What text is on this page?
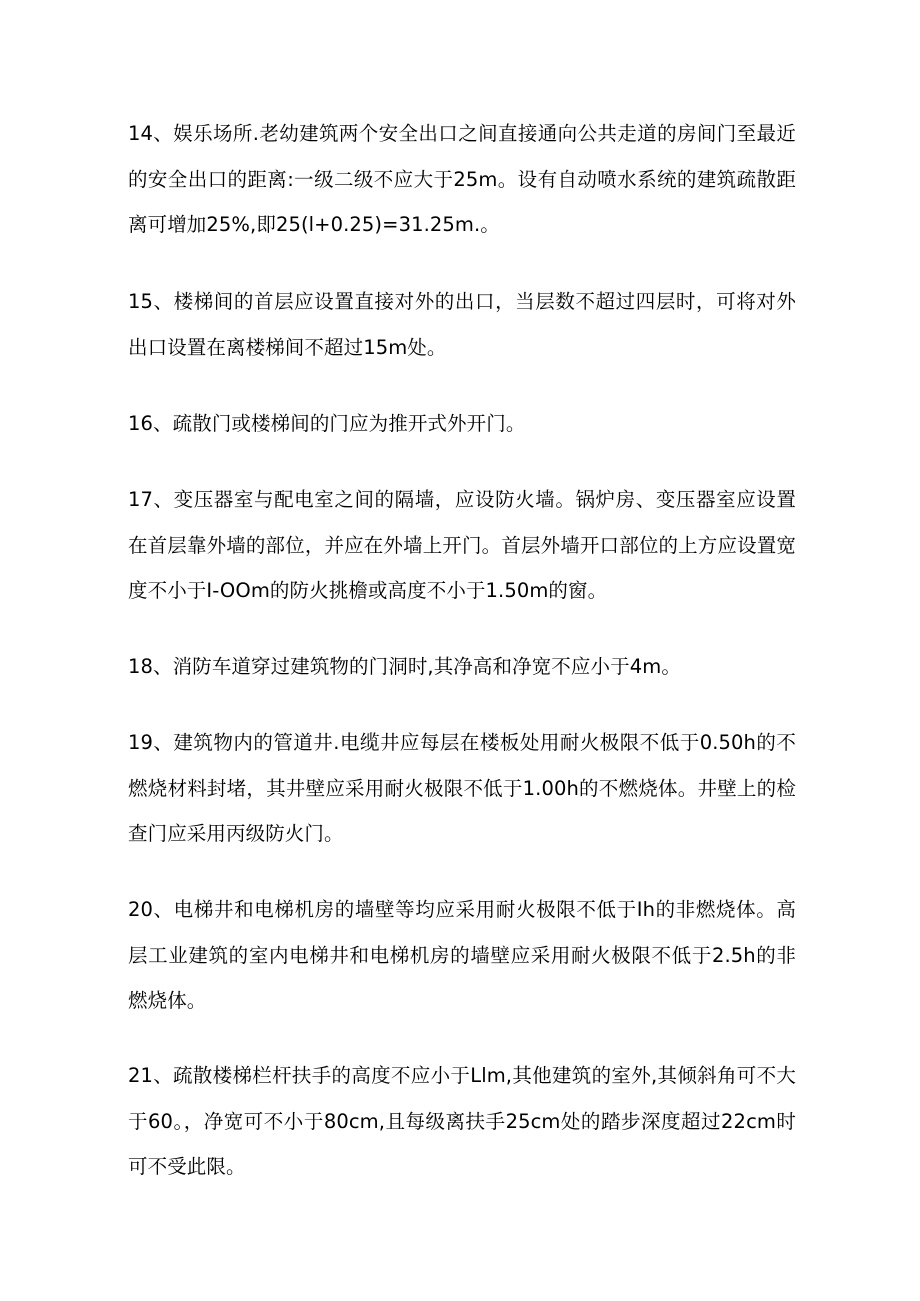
14、娱乐场所.老幼建筑两个安全出口之间直接通向公共走道的房间门至最近的安全出口的距离:一级二级不应大于25m。设有自动喷水系统的建筑疏散距离可增加25%,即25(l+0.25)=31.25m.。

15、楼梯间的首层应设置直接对外的出口，当层数不超过四层时，可将对外出口设置在离楼梯间不超过15m处。

16、疏散门或楼梯间的门应为推开式外开门。

17、变压器室与配电室之间的隔墙，应设防火墙。锅炉房、变压器室应设置在首层靠外墙的部位，并应在外墙上开门。首层外墙开口部位的上方应设置宽度不小于I-OOm的防火挑檐或高度不小于1.50m的窗。

18、消防车道穿过建筑物的门洞时,其净高和净宽不应小于4m。

19、建筑物内的管道井.电缆井应每层在楼板处用耐火极限不低于0.50h的不燃烧材料封堵，其井壁应采用耐火极限不低于1.00h的不燃烧体。井壁上的检查门应采用丙级防火门。

20、电梯井和电梯机房的墙壁等均应采用耐火极限不低于Ih的非燃烧体。高层工业建筑的室内电梯井和电梯机房的墙壁应采用耐火极限不低于2.5h的非燃烧体。

21、疏散楼梯栏杆扶手的高度不应小于Llm,其他建筑的室外,其倾斜角可不大于60。，净宽可不小于80cm,且每级离扶手25cm处的踏步深度超过22cm时可不受此限。
